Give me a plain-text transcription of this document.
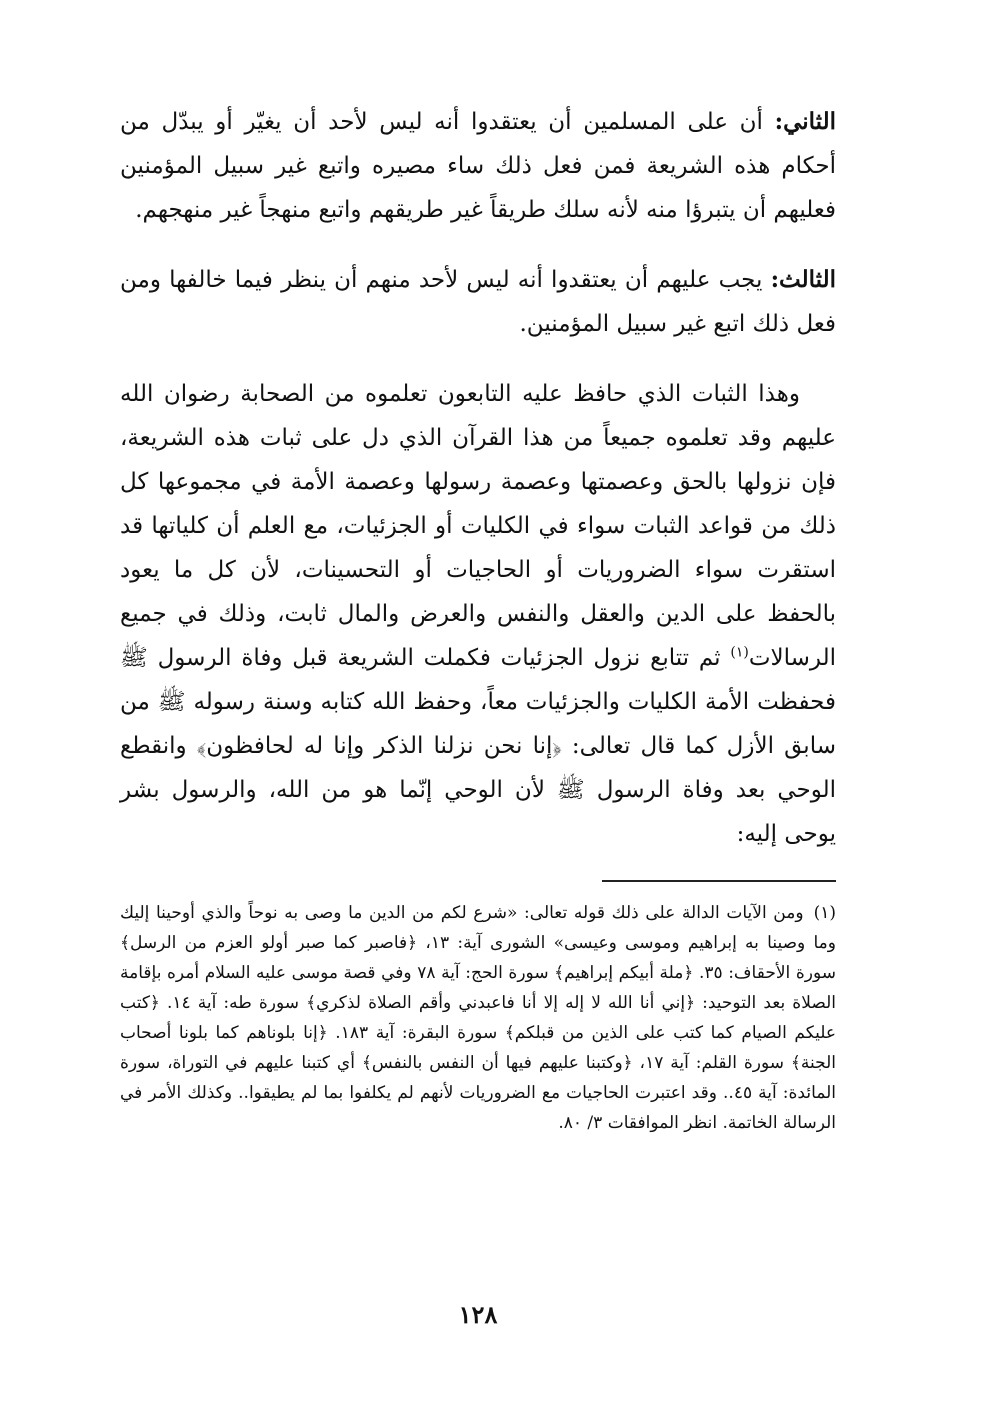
الثاني: أن على المسلمين أن يعتقدوا أنه ليس لأحد أن يغيّر أو يبدّل من أحكام هذه الشريعة فمن فعل ذلك ساء مصيره واتبع غير سبيل المؤمنين فعليهم أن يتبرؤا منه لأنه سلك طريقاً غير طريقهم واتبع منهجاً غير منهجهم.

الثالث: يجب عليهم أن يعتقدوا أنه ليس لأحد منهم أن ينظر فيما خالفها ومن فعل ذلك اتبع غير سبيل المؤمنين.

وهذا الثبات الذي حافظ عليه التابعون تعلموه من الصحابة رضوان الله عليهم وقد تعلموه جميعاً من هذا القرآن الذي دل على ثبات هذه الشريعة، فإن نزولها بالحق وعصمتها وعصمة رسولها وعصمة الأمة في مجموعها كل ذلك من قواعد الثبات سواء في الكليات أو الجزئيات، مع العلم أن كلياتها قد استقرت سواء الضروريات أو الحاجيات أو التحسينات، لأن كل ما يعود بالحفظ على الدين والعقل والنفس والعرض والمال ثابت، وذلك في جميع الرسالات$^{(١)}$ ثم تتابع نزول الجزئيات فكملت الشريعة قبل وفاة الرسول ﷺ فحفظت الأمة الكليات والجزئيات معاً، وحفظ الله كتابه وسنة رسوله ﷺ من سابق الأزل كما قال تعالى: ﴿إنا نحن نزلنا الذكر وإنا له لحافظون﴾ وانقطع الوحي بعد وفاة الرسول ﷺ لأن الوحي إنّما هو من الله، والرسول بشر يوحى إليه:

(١)ومن الآيات الدالة على ذلك قوله تعالى: «شرع لكم من الدين ما وصى به نوحاً والذي أوحينا إليك وما وصينا به إبراهيم وموسى وعيسى» الشورى آية: ١٣، ﴿فاصبر كما صبر أولو العزم من الرسل﴾ سورة الأحقاف: ٣٥. ﴿ملة أبيكم إبراهيم﴾ سورة الحج: آية ٧٨ وفي قصة موسى عليه السلام أمره بإقامة الصلاة بعد التوحيد: ﴿إني أنا الله لا إله إلا أنا فاعبدني وأقم الصلاة لذكري﴾ سورة طه: آية ١٤. ﴿كتب عليكم الصيام كما كتب على الذين من قبلكم﴾ سورة البقرة: آية ١٨٣. ﴿إنا بلوناهم كما بلونا أصحاب الجنة﴾ سورة القلم: آية ١٧، ﴿وكتبنا عليهم فيها أن النفس بالنفس﴾ أي كتبنا عليهم في التوراة، سورة المائدة: آية ٤٥.. وقد اعتبرت الحاجيات مع الضروريات لأنهم لم يكلفوا بما لم يطيقوا.. وكذلك الأمر في الرسالة الخاتمة. انظر الموافقات ٣/ ٨٠.
١٢٨
